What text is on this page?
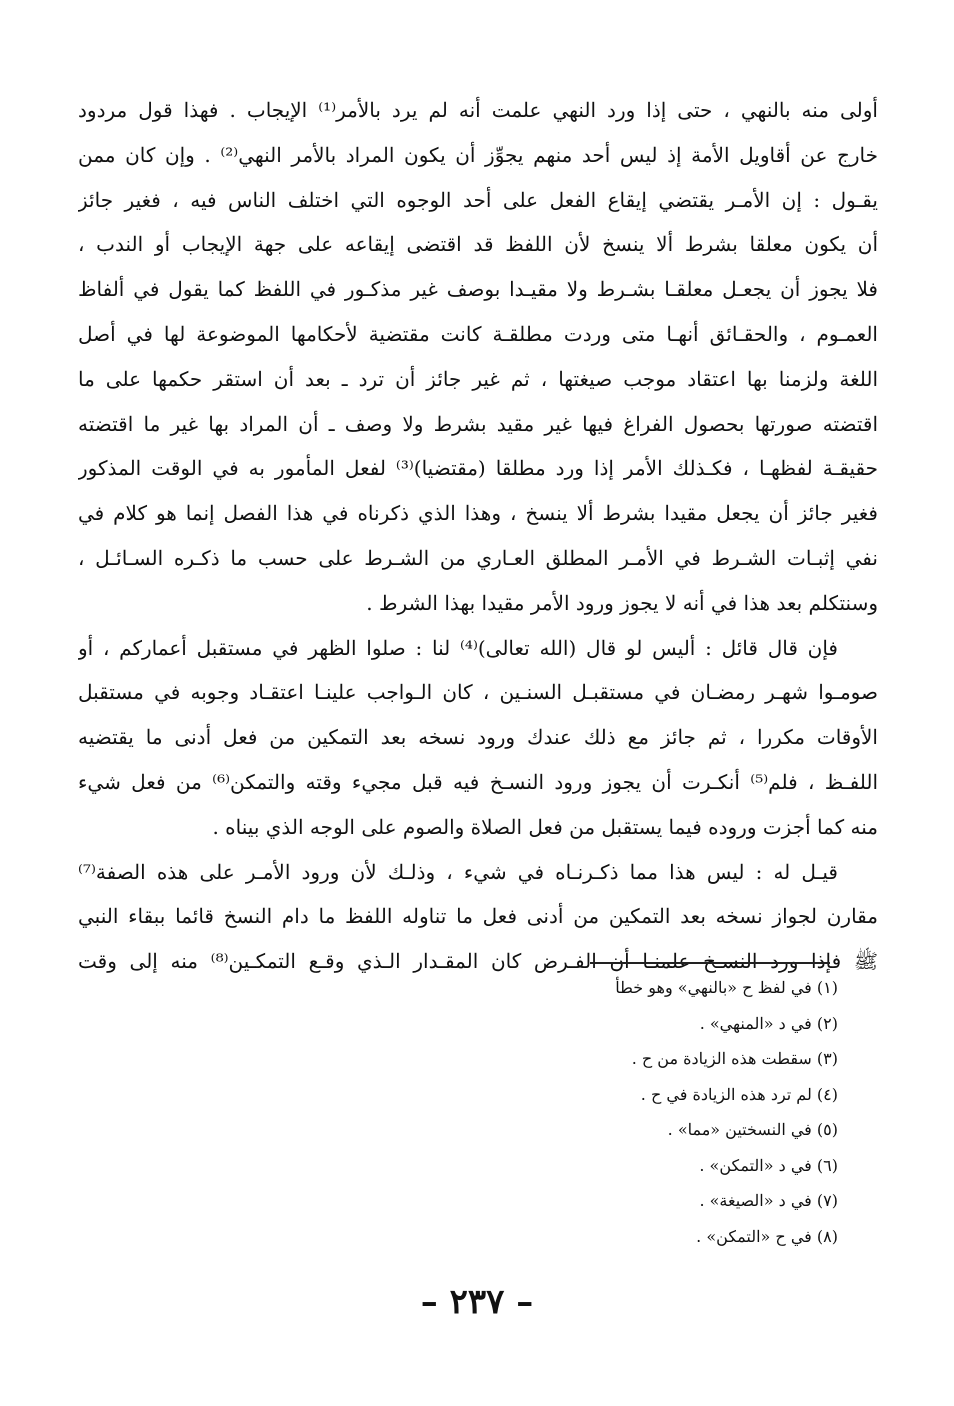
أولى منه بالنهي ، حتى إذا ورد النهي علمت أنه لم يرد بالأمر⁽¹⁾ الإيجاب . فهذا قول مردود
خارج عن أقاويل الأمة إذ ليس أحد منهم يجوِّز أن يكون المراد بالأمر النهي⁽²⁾ . وإن كان ممن
يقـول : إن الأمـر يقتضي إيقاع الفعل على أحد الوجوه التي اختلف الناس فيه ، فغير جائز
أن يكون معلقا بشرط ألا ينسخ لأن اللفظ قد اقتضى إيقاعه على جهة الإيجاب أو الندب ،
فلا يجوز أن يجعـل معلقـا بشـرط ولا مقيـدا بوصف غير مذكـور في اللفظ كما يقول في ألفاظ
العمـوم ، والحقـائق أنهـا متى وردت مطلقـة كانت مقتضية لأحكامها الموضوعة لها في أصل
اللغة ولزمنا بها اعتقاد موجب صيغتها ، ثم غير جائز أن ترد ـ بعد أن استقر حكمها على ما
اقتضته صورتها بحصول الفراغ فيها غير مقيد بشرط ولا وصف ـ أن المراد بها غير ما اقتضته
حقيقـة لفظهـا ، فكـذلك الأمر إذا ورد مطلقا (مقتضيا)⁽³⁾ لفعل المأمور به في الوقت المذكور
فغير جائز أن يجعل مقيدا بشرط ألا ينسخ ، وهذا الذي ذكرناه في هذا الفصل إنما هو كلام في
نفي إثبـات الشـرط في الأمـر المطلق العـاري من الشـرط على حسب ما ذكـره السـائـل ،
وسنتكلم بعد هذا في أنه لا يجوز ورود الأمر مقيدا بهذا الشرط .
فإن قال قائل : أليس لو قال (الله تعالى)⁽⁴⁾ لنا : صلوا الظهر في مستقبل أعماركم ، أو
صومـوا شهـر رمضـان في مستقبـل السنـين ، كان الـواجب علينـا اعتقـاد وجوبه في مستقبل
الأوقات مكررا ، ثم جائز مع ذلك عندك ورود نسخه بعد التمكين من فعل أدنى ما يقتضيه
اللفـظ ، فلم⁽⁵⁾ أنكـرت أن يجوز ورود النسـخ فيه قبل مجيء وقته والتمكن⁽⁶⁾ من فعل شيء
منه كما أجزت وروده فيما يستقبل من فعل الصلاة والصوم على الوجه الذي بيناه .
قيـل له : ليس هذا مما ذكـرنـاه في شيء ، وذلـك لأن ورود الأمـر على هذه الصفة⁽⁷⁾
مقارن لجواز نسخه بعد التمكين من أدنى فعل ما تناوله اللفظ ما دام النسخ قائما ببقاء النبي
ﷺ فإذا ورد النسـخ علمنـا أن الفـرض كان المقـدار الـذي وقـع التمكـين⁽⁸⁾ منه إلى وقت
(١) في لفظ ح «بالنهي» وهو خطأ
(٢) في د «المنهي» .
(٣) سقطت هذه الزيادة من ح .
(٤) لم ترد هذه الزيادة في ح .
(٥) في النسختين «مما» .
(٦) في د «التمكن» .
(٧) في د «الصيغة» .
(٨) في ح «التمكن» .
– ٢٣٧ –
